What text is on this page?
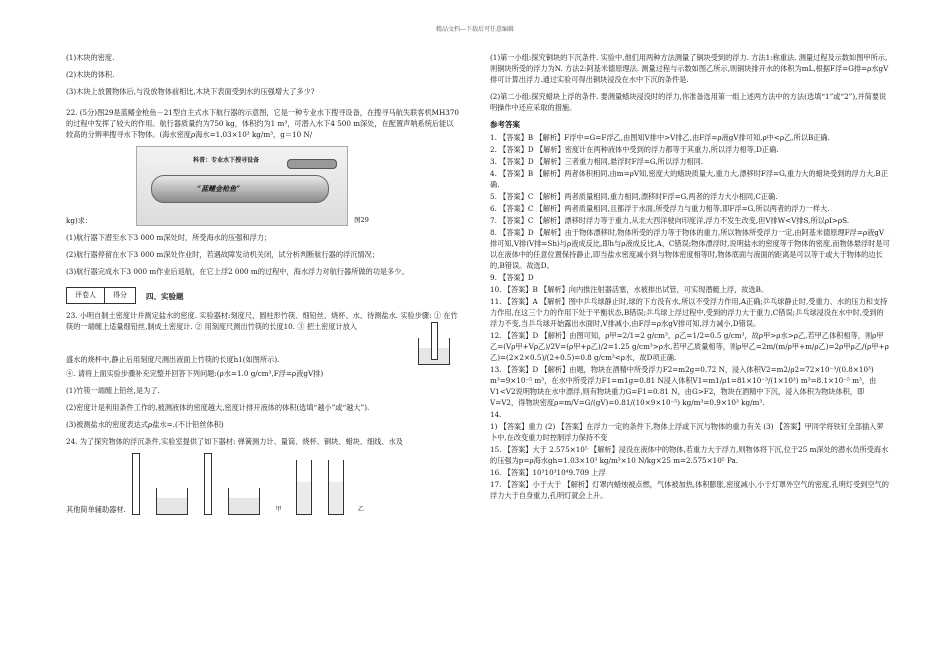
精品文档---下载后可任意编辑

(1)木块的密度.

(2)木块的体积.

(3)木块上放置物体后,与没放物体前相比,木块下表面受到水的压强增大了多少?

22. (5分)图29是蓝鳍金枪鱼－21型自主式水下航行器的示意图，它是一种专业水下搜寻设备，在搜寻马航失联客机MH370的过程中发挥了较大的作用。航行器质量约为750 kg，体积约为1 m³，可潜入水下4 500 m深处，在配置声呐系统后能以较高的分辨率搜寻水下物体。(海水密度ρ海水=1.03×10³ kg/m³，g＝10 N/

kg)求：
科普：专业水下搜寻设备
“蓝鳍金枪鱼”
图29

(1)航行器下潜至水下3 000 m深处时，所受海水的压强和浮力；

(2)航行器停留在水下3 000 m深处作业时，若遇故障发动机关闭，试分析判断航行器的浮沉情况；

(3)航行器完成水下3 000 m作业后返航，在它上浮2 000 m的过程中，海水浮力对航行器所做的功是多少。

评卷人	得分	四、实验题

23. 小明自制土密度计并测定盐水的密度. 实验器材:刻度尺、圆柱形竹筷、细铅丝、烧杯、水、待测盐水. 实验步骤: ① 在竹筷的一端缠上适量细铅丝,制成土密度计. ② 用刻度尺测出竹筷的长度10. ③ 把土密度计放入

盛水的烧杯中,静止后用刻度尺测出液面上竹筷的长度h1(如图所示).

④. 请将上面实验步骤补充完整并回答下列问题:(ρ水=1.0 g/cm³,F浮=ρ液gV排)

(1)竹筷一端缠上铅丝,是为了.

(2)密度计是利用条件工作的,被测液体的密度越大,密度计排开液体的体积(选填“越小”或“越大”).

(3)被测盐水的密度表达式ρ盐水=.(不计铅丝体积)

24. 为了探究物体的浮沉条件,实验室提供了如下器材: 弹簧测力计、量筒、烧杯、铜块、蜡块、细线、水及

其他简单辅助器材.	甲	乙

(1)第一小组:探究铜块的下沉条件. 实验中,他们用两种方法测量了铜块受到的浮力. 方法1:称重法. 测量过程及示数如图甲所示,则铜块所受的浮力为N. 方法2:阿基米德原理法. 测量过程与示数如图乙所示,则铜块排开水的体积为mL,根据F浮=G排=ρ水gV排可计算出浮力.通过实验可得出铜块浸没在水中下沉的条件是.

(2)第二小组:探究蜡块上浮的条件. 要测量蜡块浸没时的浮力,你准备选用第一组上述两方法中的方法(选填“1”或“2”),并简要说明操作中还应采取的措施。

参考答案

1. 【答案】B 【解析】F浮中=G=F浮乙,由图知V排中>V排乙,由F浮=ρ液gV排可知,ρ中<ρ乙,所以B正确.

2. 【答案】D 【解析】密度计在两种液体中受到的浮力都等于其重力,所以浮力相等,D正确.

3. 【答案】D 【解析】三者重力相同,悬浮时F浮=G,所以浮力相同.

4. 【答案】B 【解析】两者体积相同,由m=ρV知,密度大的蜡块质量大,重力大,漂移时F浮=G,重力大的蜡块受到的浮力大,B正确.

5. 【答案】C 【解析】两者质量相同,重力相同,漂移时F浮=G,两者的浮力大小相同,C正确.

6. 【答案】C 【解析】两者质量相同,且都浮于水面,所受浮力与重力相等,即F浮=G,所以两者的浮力一样大.

7. 【答案】C 【解析】漂移时浮力等于重力,从北大西洋驶向印度洋,浮力不发生改变,但V排W<V排S,所以ρI>ρS.

8. 【答案】D 【解析】由于物体漂移时,物体所受的浮力等于物体的重力,所以物体所受浮力一定,由阿基米德原理F浮=ρ液gV排可知,V排(V排=Sh)与ρ液成反比,即h与ρ液成反比,A、C错误;物体漂浮时,说明盐水的密度等于物体的密度,而物体悬浮时是可以在液体中的任意位置保持静止,即当盐水密度减小到与物体密度相等时,物体底面与液面的距离是可以等于或大于物体的边长的,B错误。故选D。

9. 【答案】D

10. 【答案】B 【解析】向内推注射器活塞，水被排出试管，可实现潜艇上浮，故选B。

11. 【答案】A 【解析】图中乒乓球静止时,球的下方没有水,所以不受浮力作用,A正确;乒乓球静止时,受重力、水的压力和支持力作用,在这三个力的作用下处于平衡状态,B错误;乒乓球上浮过程中,受到的浮力大于重力,C错误;乒乓球浸没在水中时,受到的浮力不变,当乒乓球开始露出水面时,V排减小,由F浮=ρ水gV排可知,浮力减小,D错误。

12. 【答案】D 【解析】由图可知，ρ甲=2/1=2 g/cm³，ρ乙=1/2=0.5 g/cm³，故ρ甲>ρ水>ρ乙,若甲乙体积相等，则ρ甲乙=(Vρ甲+Vρ乙)/2V=(ρ甲+ρ乙)/2=1.25 g/cm³>ρ水,若甲乙质量相等，则ρ甲乙=2m/(m/ρ甲+m/ρ乙)=2ρ甲ρ乙/(ρ甲+ρ乙)=(2×2×0.5)/(2+0.5)=0.8 g/cm³<ρ水，故D项正确.

13. 【答案】D 【解析】由题，物块在酒精中所受浮力F2=m2g=0.72 N，浸入体积V2=m2/ρ2=72×10⁻³/(0.8×10³) m³=9×10⁻⁵ m³，在水中所受浮力F1=m1g=0.81 N浸入体积V1=m1/ρ1=81×10⁻³/(1×10³) m³=8.1×10⁻⁵ m³，由V1<V2说明物块在水中漂浮,则有物块重力G=F1=0.81 N，由G>F2，物块在酒精中下沉，浸入体积为物块体积，即V=V2，得物块密度ρ=m/V=G/(gV)=0.81/(10×9×10⁻⁵) kg/m³=0.9×10³ kg/m³.

14.

1) 【答案】重力 (2) 【答案】在浮力一定的条件下,物体上浮或下沉与物体的重力有关 (3) 【答案】甲同学将铁钉全部插入萝卜中,在改变重力时控制浮力保持不变

15. 【答案】大于 2.575×10⁵ 【解析】浸没在液体中的物体,若重力大于浮力,则物体将下沉,位于25 m深处的潜水员所受海水的压强为p=ρ海水gh=1.03×10³ kg/m³×10 N/kg×25 m=2.575×10⁵ Pa.

16. 【答案】10³10³10⁴9.709 上浮

17. 【答案】小于大于 【解析】灯罩内蜡烛被点燃，气体被加热,体积膨胀,密度减小,小于灯罩外空气的密度,孔明灯受到空气的浮力大于自身重力,孔明灯就会上升。
